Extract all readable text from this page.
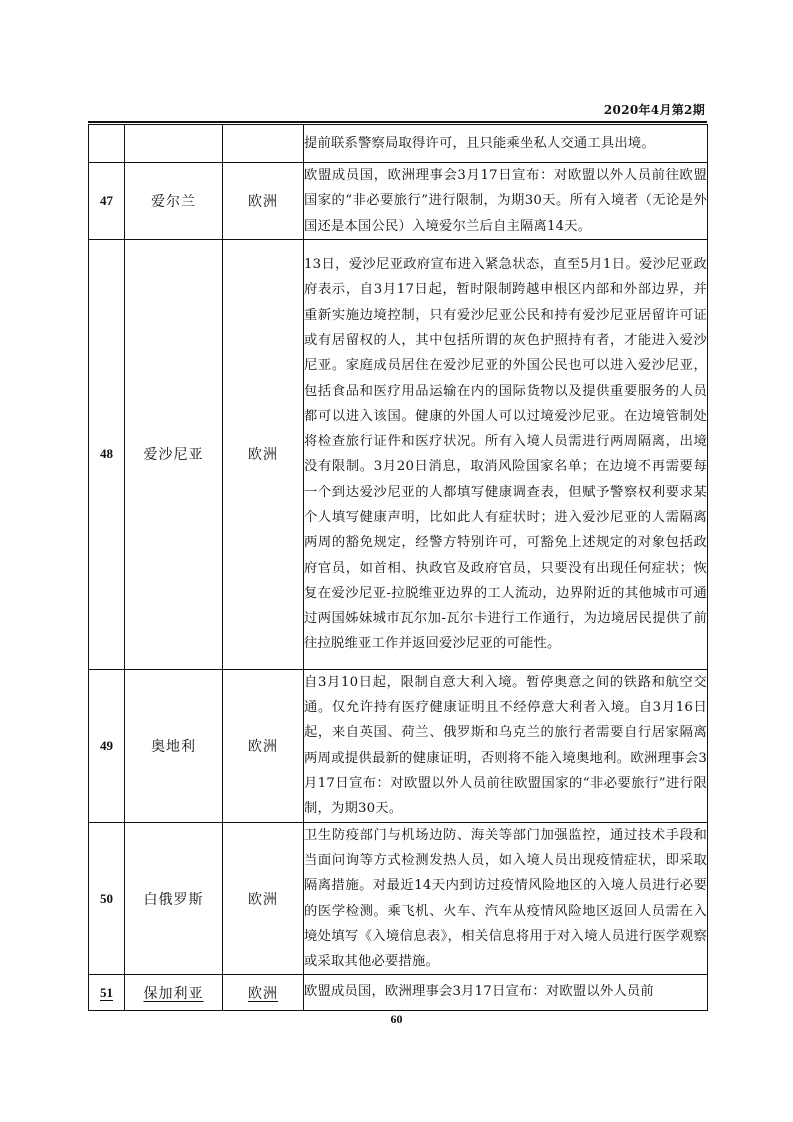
2020年4月第2期
			提前联系警察局取得许可，且只能乘坐私人交通工具出境。
47	爱尔兰	欧洲	欧盟成员国，欧洲理事会3月17日宣布：对欧盟以外人员前往欧盟国家的“非必要旅行”进行限制，为期30天。所有入境者（无论是外国还是本国公民）入境爱尔兰后自主隔离14天。
48	爱沙尼亚	欧洲	13日，爱沙尼亚政府宣布进入紧急状态，直至5月1日。爱沙尼亚政府表示，自3月17日起，暂时限制跨越申根区内部和外部边界，并重新实施边境控制，只有爱沙尼亚公民和持有爱沙尼亚居留许可证或有居留权的人，其中包括所谓的灰色护照持有者，才能进入爱沙尼亚。家庭成员居住在爱沙尼亚的外国公民也可以进入爱沙尼亚，包括食品和医疗用品运输在内的国际货物以及提供重要服务的人员都可以进入该国。健康的外国人可以过境爱沙尼亚。在边境管制处将检查旅行证件和医疗状况。所有入境人员需进行两周隔离，出境没有限制。3月20日消息，取消风险国家名单；在边境不再需要每一个到达爱沙尼亚的人都填写健康调查表，但赋予警察权利要求某个人填写健康声明，比如此人有症状时；进入爱沙尼亚的人需隔离两周的豁免规定，经警方特别许可，可豁免上述规定的对象包括政府官员，如首相、执政官及政府官员，只要没有出现任何症状；恢复在爱沙尼亚-拉脱维亚边界的工人流动，边界附近的其他城市可通过两国姊妹城市瓦尔加-瓦尔卡进行工作通行，为边境居民提供了前往拉脱维亚工作并返回爱沙尼亚的可能性。
49	奥地利	欧洲	自3月10日起，限制自意大利入境。暂停奥意之间的铁路和航空交通。仅允许持有医疗健康证明且不经停意大利者入境。自3月16日起，来自英国、荷兰、俄罗斯和乌克兰的旅行者需要自行居家隔离两周或提供最新的健康证明，否则将不能入境奥地利。欧洲理事会3月17日宣布：对欧盟以外人员前往欧盟国家的“非必要旅行”进行限制，为期30天。
50	白俄罗斯	欧洲	卫生防疫部门与机场边防、海关等部门加强监控，通过技术手段和当面问询等方式检测发热人员，如入境人员出现疫情症状，即采取隔离措施。对最近14天内到访过疫情风险地区的入境人员进行必要的医学检测。乘飞机、火车、汽车从疫情风险地区返回人员需在入境处填写《入境信息表》，相关信息将用于对入境人员进行医学观察或采取其他必要措施。
51	保加利亚	欧洲	欧盟成员国，欧洲理事会3月17日宣布：对欧盟以外人员前
60
